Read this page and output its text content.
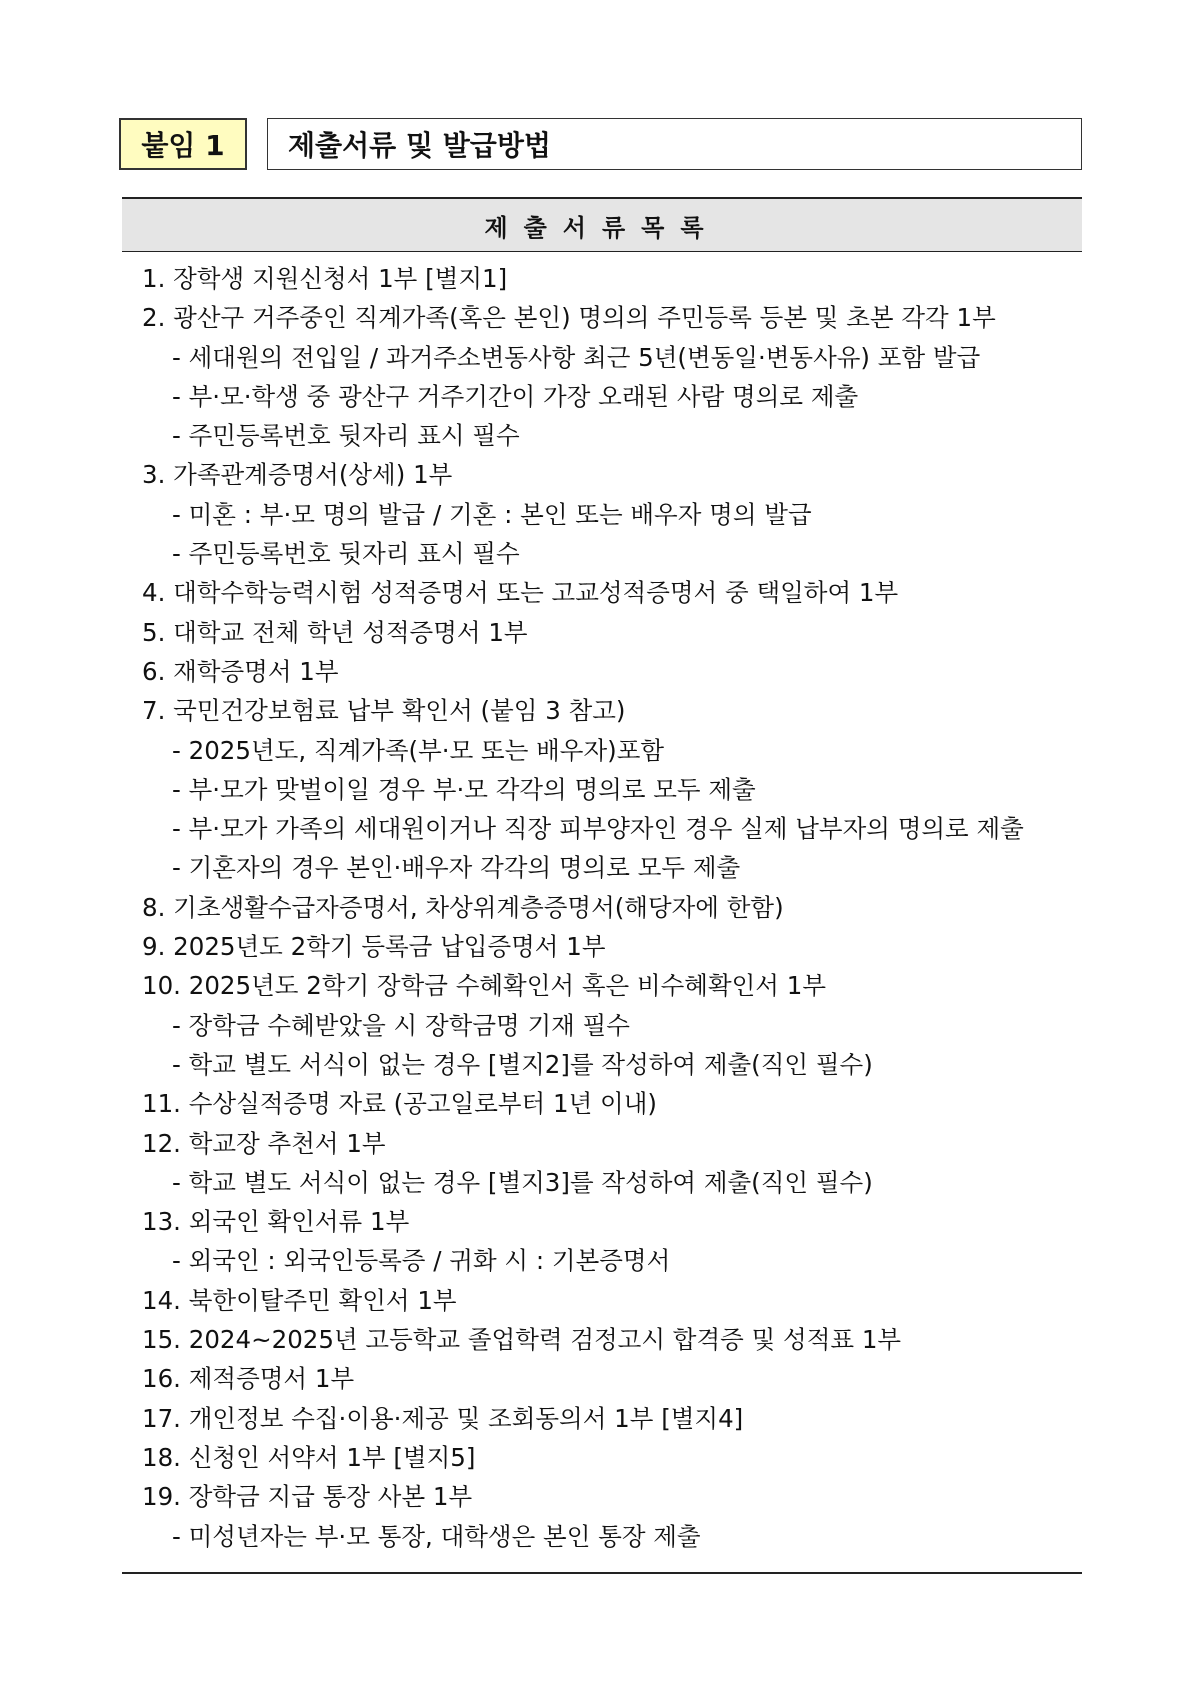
붙임 1 제출서류 및 발급방법
제출서류목록
1. 장학생 지원신청서 1부 [별지1]
2. 광산구 거주중인 직계가족(혹은 본인) 명의의 주민등록 등본 및 초본 각각 1부
- 세대원의 전입일 / 과거주소변동사항 최근 5년(변동일·변동사유) 포함 발급
- 부·모·학생 중 광산구 거주기간이 가장 오래된 사람 명의로 제출
- 주민등록번호 뒷자리 표시 필수
3. 가족관계증명서(상세) 1부
- 미혼 : 부·모 명의 발급 / 기혼 : 본인 또는 배우자 명의 발급
- 주민등록번호 뒷자리 표시 필수
4. 대학수학능력시험 성적증명서 또는 고교성적증명서 중 택일하여 1부
5. 대학교 전체 학년 성적증명서 1부
6. 재학증명서 1부
7. 국민건강보험료 납부 확인서 (붙임 3 참고)
- 2025년도, 직계가족(부·모 또는 배우자)포함
- 부·모가 맞벌이일 경우 부·모 각각의 명의로 모두 제출
- 부·모가 가족의 세대원이거나 직장 피부양자인 경우 실제 납부자의 명의로 제출
- 기혼자의 경우 본인·배우자 각각의 명의로 모두 제출
8. 기초생활수급자증명서, 차상위계층증명서(해당자에 한함)
9. 2025년도 2학기 등록금 납입증명서 1부
10. 2025년도 2학기 장학금 수혜확인서 혹은 비수혜확인서 1부
- 장학금 수혜받았을 시 장학금명 기재 필수
- 학교 별도 서식이 없는 경우 [별지2]를 작성하여 제출(직인 필수)
11. 수상실적증명 자료 (공고일로부터 1년 이내)
12. 학교장 추천서 1부
- 학교 별도 서식이 없는 경우 [별지3]를 작성하여 제출(직인 필수)
13. 외국인 확인서류 1부
- 외국인 : 외국인등록증 / 귀화 시 : 기본증명서
14. 북한이탈주민 확인서 1부
15. 2024~2025년 고등학교 졸업학력 검정고시 합격증 및 성적표 1부
16. 제적증명서 1부
17. 개인정보 수집·이용·제공 및 조회동의서 1부 [별지4]
18. 신청인 서약서 1부 [별지5]
19. 장학금 지급 통장 사본 1부
- 미성년자는 부·모 통장, 대학생은 본인 통장 제출
